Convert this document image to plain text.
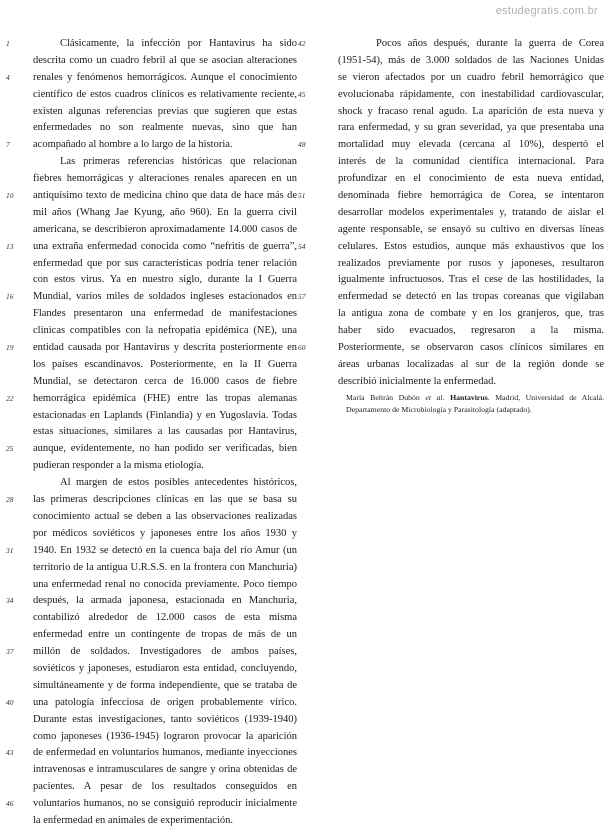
estudegratis.com.br
1	Clásicamente, la infección por Hantavirus ha sido
descrita como un cuadro febril al que se asocian alteraciones
4	renales y fenómenos hemorrágicos. Aunque el conocimiento
científico de estos cuadros clínicos es relativamente reciente,
existen algunas referencias previas que sugieren que estas
enfermedades no son realmente nuevas, sino que han
7	acompañado al hombre a lo largo de la historia.
Las primeras referencias históricas que relacionan
fiebres hemorrágicas y alteraciones renales aparecen en un
10	antiquísimo texto de medicina chino que data de hace más de
mil años (Whang Jae Kyung, año 960). En la guerra civil
americana, se describieron aproximadamente 14.000 casos de
13	una extraña enfermedad conocida como “nefritis de guerra”,
enfermedad que por sus características podría tener relación
con estos virus. Ya en nuestro siglo, durante la I Guerra
16	Mundial, varios miles de soldados ingleses estacionados en
Flandes presentaron una enfermedad de manifestaciones
clínicas compatibles con la nefropatía epidémica (NE), una
19	entidad causada por Hantavirus y descrita posteriormente en
los países escandinavos. Posteriormente, en la II Guerra
Mundial, se detectaron cerca de 16.000 casos de fiebre
22	hemorrágica epidémica (FHE) entre las tropas alemanas
estacionadas en Laplands (Finlandia) y en Yugoslavia. Todas
estas situaciones, similares a las causadas por Hantavirus,
25	aunque, evidentemente, no han podido ser verificadas, bien
pudieran responder a la misma etiología.
Al margen de estos posibles antecedentes históricos,
28	las primeras descripciones clínicas en las que se basa su
conocimiento actual se deben a las observaciones realizadas
por médicos soviéticos y japoneses entre los años 1930 y
31	1940. En 1932 se detectó en la cuenca baja del río Amur (un
territorio de la antigua U.R.S.S. en la frontera con Manchuria)
una enfermedad renal no conocida previamente. Poco tiempo
34	después, la armada japonesa, estacionada en Manchuria,
contabilizó alrededor de 12.000 casos de esta misma
enfermedad entre un contingente de tropas de más de un
37	millón de soldados. Investigadores de ambos países,
soviéticos y japoneses, estudiaron esta entidad, concluyendo,
simultáneamente y de forma independiente, que se trataba de
40	una patología infecciosa de origen probablemente vírico.
Durante estas investigaciones, tanto soviéticos (1939-1940)
como japoneses (1936-1945) lograron provocar la aparición
43	de enfermedad en voluntarios humanos, mediante inyecciones
intravenosas e intramusculares de sangre y orina obtenidas de
pacientes. A pesar de los resultados conseguidos en
46	voluntarios humanos, no se consiguió reproducir inicialmente
la enfermedad en animales de experimentación.
42	Pocos años después, durante la guerra de Corea
(1951-54), más de 3.000 soldados de las Naciones Unidas
se vieron afectados por un cuadro febril hemorrágico que
45	evolucionaba rápidamente, con inestabilidad cardiovascular,
shock y fracaso renal agudo. La aparición de esta nueva y
rara enfermedad, y su gran severidad, ya que presentaba una
48	mortalidad muy elevada (cercana al 10%), despertó el
interés de la comunidad científica internacional. Para
profundizar en el conocimiento de esta nueva entidad,
51	denominada fiebre hemorrágica de Corea, se intentaron
desarrollar modelos experimentales y, tratando de aislar el
agente responsable, se ensayó su cultivo en diversas líneas
54	celulares. Estos estudios, aunque más exhaustivos que los
realizados previamente por rusos y japoneses, resultaron
igualmente infructuosos. Tras el cese de las hostilidades, la
57	enfermedad se detectó en las tropas coreanas que vigilaban
la antigua zona de combate y en los granjeros, que, tras
haber sido evacuados, regresaron a la misma.
60	Posteriormente, se observaron casos clínicos similares en
áreas urbanas localizadas al sur de la región donde se
describió inicialmente la enfermedad.
María Beltrán Dubón et al. Hantavirus. Madrid, Universidad de Alcalá. Departamento de Microbiología y Parasitología (adaptado).
